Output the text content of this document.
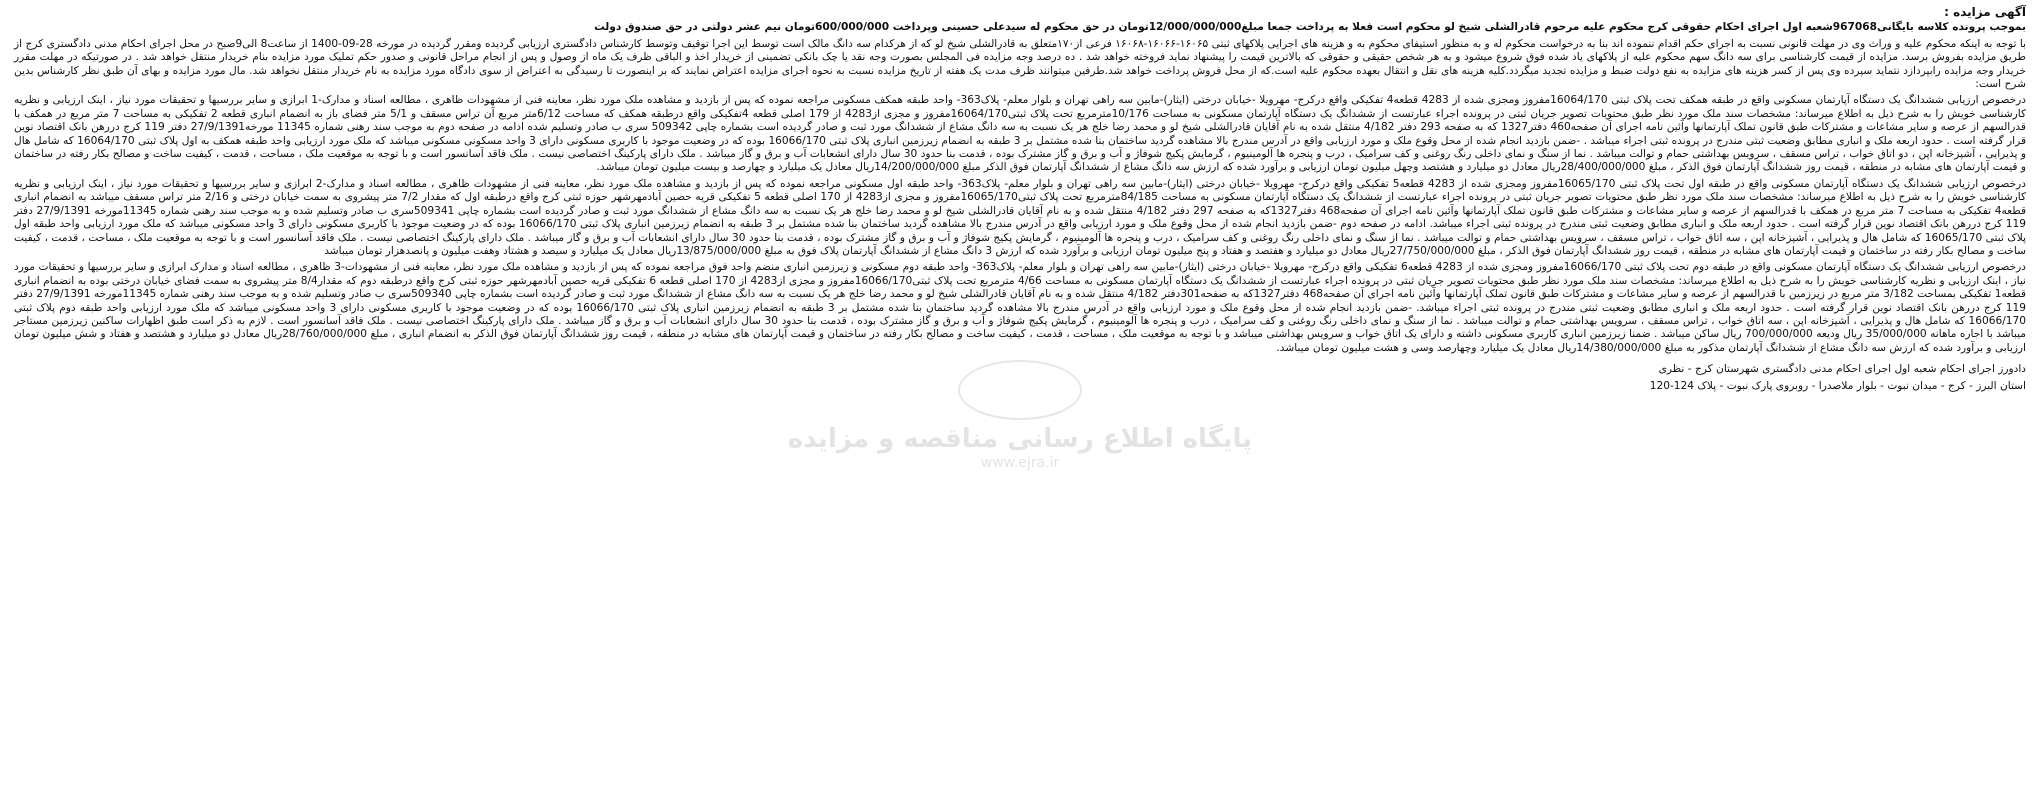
پایگاه اطلاع رسانی مناقصه و مزایده
www.ejra.ir

آگهی مزایده :

بموجب پرونده کلاسه بایگانی967068شعبه اول اجرای احکام حقوقی کرج محکوم علیه مرحوم قادرالشلی شیخ لو محکوم است فعلا به پرداخت جمعا مبلغ12/000/000/000تومان در حق محکوم له سیدعلی حسینی وپرداخت 600/000/000تومان نیم عشر دولتی در حق صندوق دولت

با توجه به اینکه محکوم علیه و وراث وی در مهلت قانونی نسبت به اجرای حکم اقدام ننموده اند بنا به درخواست محکوم له و به منظور استیفای محکوم به و هزینه های اجرایی پلاکهای ثبتی ۱۶۰۶۵-۱۶۰۶۶-۱۶۰۶۸ فرعی از۱۷۰متعلق به قادرالشلی شیخ لو که از هرکدام سه دانگ مالک است توسط این اجرا توقیف وتوسط کارشناس دادگستری ارزیابی گردیده ومقرر گردیده در مورخه 28-09-1400 از ساعت8 الی9صبح در محل اجرای احکام مدنی دادگستری کرج از طریق مزایده بفروش برسد. مزایده از قیمت کارشناسی برای سه دانگ سهم محکوم علیه از پلاکهای یاد شده فوق شروع میشود و به هر شخص حقیقی و حقوقی که بالاترین قیمت را پیشنهاد نماید فروخته خواهد شد . ده درصد وجه مزایده فی المجلس بصورت وجه نقد یا چک بانکی تضمینی از خریدار اخذ و الباقی ظرف یک ماه از وصول و پس از انجام مراحل قانونی و صدور حکم تملیک مورد مزایده بنام خریدار منتقل خواهد شد . در صورتیکه در مهلت مقرر خریدار وجه مزایده رابپردازد نتماید سپرده وی پس از کسر هزینه های مزایده به نفع دولت ضبط و مزایده تجدید میگردد.کلیه هزینه های نقل و انتقال بعهده محکوم علیه است.که از محل فروش پرداخت خواهد شد.طرفین میتوانند ظرف مدت یک هفته از تاریخ مزایده نسبت به نحوه اجرای مزایده اعتراض نمایند که بر اینصورت تا رسیدگی به اعتراض از سوی دادگاه مورد مزایده به نام خریدار منتقل نخواهد شد. مال مورد مزایده و بهای آن طبق نظر کارشناس بدین شرح است:

درخصوص ارزیابی ششدانگ یک دستگاه آپارتمان مسکونی واقع در طبقه همکف تحت پلاک ثبتی 16064/170مفروز ومجزی شده از 4283 قطعه4 تفکیکی واقع درکرج- مهرویلا -خیابان درختی (ایثار)-مابین سه راهی تهران و بلوار معلم- پلاک363- واحد طبقه همکف مسکونی مراجعه نموده که پس از بازدید و مشاهده ملک مورد نظر، معاینه فنی از مشهودات ظاهری ، مطالعه اسناد و مدارک-1 ابرازی و سایر بررسیها و تحقیقات مورد نیاز ، اینک ارزیابی و نظریه کارشناسی خویش را به شرح ذیل به اطلاع میرساند: مشخصات سند ملک مورد نظر طبق محتویات تصویر جریان ثبتی در پرونده اجراء عبارتست از ششدانگ یک دستگاه آپارتمان مسکونی به مساحت 10/176مترمربع تحت پلاک ثبتی16064/170مفروز و مجزی از4283 از 179 اصلی قطعه 4تفکیکی واقع درطبقه همکف که مساحت 6/12متر مربع آن تراس مسقف و 5/1 متر فضای باز به انضمام انباری قطعه 2 تفکیکی به مساحت 7 متر مربع در همکف با قدرالسهم از عرصه و سایر مشاعات و مشترکات طبق قانون تملک آپارتمانها وآئین نامه اجرای آن صفحه460 دفتر1327 که به صفحه 293 دفتر 4/182 منتقل شده به نام آقایان قادرالشلی شیخ لو و محمد رضا خلج هر یک نسبت به سه دانگ مشاع از ششدانگ مورد ثبت و صادر گردیده است بشماره چاپی 509342 سری ب صادر وتسلیم شده ادامه در صفحه دوم به موجب سند رهنی شماره 11345 مورخه27/9/1391 دفتر 119 کرج دررهن بانک اقتصاد نوین قرار گرفته است . حدود اربعه ملک و انباری مطابق وضعیت ثبتی مندرج در پرونده ثبتی اجراء میباشد . -ضمن بازدید انجام شده از محل وقوع ملک و مورد ارزیابی واقع در آدرس مندرج بالا مشاهده گردید ساختمان بنا شده مشتمل بر 3 طبقه به انضمام زیرزمین انباری پلاک ثبتی 16066/170 بوده که در وضعیت موجود با کاربری مسکونی دارای 3 واحد مسکونی مسکونی میباشد که ملک مورد ارزیابی واحد طبقه همکف به اول پلاک ثبتی 16064/170 که شامل هال و پذیرایی ، آشپزخانه اپن ، دو اتاق خواب ، تراس مسقف ، سرویس بهداشتی حمام و توالت میباشد . نما از سنگ و نمای داخلی رنگ روغنی و کف سرامیک ، درب و پنجره ها آلومینیوم ، گرمایش پکیج شوفاژ و آب و برق و گاز مشترک بوده ، قدمت بنا حدود 30 سال دارای انشعابات آب و برق و گاز میباشد . ملک دارای پارکینگ اختصاصی نیست . ملک فاقد آسانسور است و با توجه به موقعیت ملک ، مساحت ، قدمت ، کیفیت ساخت و مصالح بکار رفته در ساختمان و قیمت آپارتمان های مشابه در منطقه ، قیمت روز ششدانگ آپارتمان فوق الذکر ، مبلغ 28/400/000/000ریال معادل دو میلیارد و هشتصد وچهل میلیون تومان ارزیابی و برآورد شده که ارزش سه دانگ مشاع از ششدانگ آپارتمان فوق الذکر مبلغ 14/200/000/000ریال معادل یک میلیارد و چهارصد و بیست میلیون تومان میباشد.

درخصوص ارزیابی ششدانگ یک دستگاه آپارتمان مسکونی واقع در طبقه اول تحت پلاک ثبتی 16065/170مفروز ومجزی شده از 4283 قطعه5 تفکیکی واقع درکرج- مهرویلا -خیابان درختی (ایثار)-مابین سه راهی تهران و بلوار معلم- پلاک363- واحد طبقه اول مسکونی مراجعه نموده که پس از بازدید و مشاهده ملک مورد نظر، معاینه فنی از مشهودات ظاهری ، مطالعه اسناد و مدارک-2 ابرازی و سایر بررسیها و تحقیقات مورد نیاز ، اینک ارزیابی و نظریه کارشناسی خویش را به شرح ذیل به اطلاع میرساند: مشخصات سند ملک مورد نظر طبق محتویات تصویر جریان ثبتی در پرونده اجراء عبارتست از ششدانگ یک دستگاه آپارتمان مسکونی به مساحت 84/185مترمربع تحت پلاک ثبتی16065/170مفروز و مجزی از4283 از 170 اصلی قطعه 5 تفکیکی قریه حصین آبادمهرشهر حوزه ثبتی کرج واقع درطبقه اول که مقدار 7/2 متر پیشروی به سمت خیابان درختی و 2/16 متر تراس مسقف میباشد به انضمام انباری قطعه4 تفکیکی به مساحت 7 متر مربع در همکف با قدرالسهم از عرصه و سایر مشاعات و مشترکات طبق قانون تملک آپارتمانها وآئین نامه اجرای آن صفحه468 دفتر1327که به صفحه 297 دفتر 4/182 منتقل شده و به نام آقایان قادرالشلی شیخ لو و محمد رضا خلج هر یک نسبت به سه دانگ مشاع از ششدانگ مورد ثبت و صادر گردیده است بشماره چاپی 509341سری ب صادر وتسلیم شده و به موجب سند رهنی شماره 11345مورخه 27/9/1391 دفتر 119 کرج دررهن بانک اقتصاد نوین قرار گرفته است . حدود اربعه ملک و انباری مطابق وضعیت ثبتی مندرج در پرونده ثبتی اجراء میباشد. ادامه در صفحه دوم -ضمن بازدید انجام شده از محل وقوع ملک و مورد ارزیابی واقع در آدرس مندرج بالا مشاهده گردید ساختمان بنا شده مشتمل بر 3 طبقه به انضمام زیرزمین انباری پلاک ثبتی 16066/170 بوده که در وضعیت موجود با کاربری مسکونی دارای 3 واحد مسکونی میباشد که ملک مورد ارزیابی واحد طبقه اول پلاک ثبتی 16065/170 که شامل هال و پذیرایی ، آشپزخانه اپن ، سه اتاق خواب ، تراس مسقف ، سرویس بهداشتی حمام و توالت میباشد . نما از سنگ و نمای داخلی رنگ روغنی و کف سرامیک ، درب و پنجره ها آلومینیوم ، گرمایش پکیج شوفاژ و آب و برق و گاز مشترک بوده ، قدمت بنا حدود 30 سال دارای انشعابات آب و برق و گاز میباشد . ملک دارای پارکینگ اختصاصی نیست . ملک فاقد آسانسور است و با توجه به موقعیت ملک ، مساحت ، قدمت ، کیفیت ساخت و مصالح بکار رفته در ساختمان و قیمت آپارتمان های مشابه در منطقه ، قیمت روز ششدانگ آپارتمان فوق الذکر ، مبلغ 27/750/000/000ریال معادل دو میلیارد و هفتصد و هفتاد و پنج میلیون تومان ارزیابی و برآورد شده که ارزش 3 دانگ مشاع از ششدانگ آپارتمان پلاک فوق به مبلغ 13/875/000/000ریال معادل یک میلیارد و سیصد و هشتاد وهفت میلیون و پانصدهزار تومان میباشد

درخصوص ارزیابی ششدانگ یک دستگاه آپارتمان مسکونی واقع در طبقه دوم تحت پلاک ثبتی 16066/170مفروز ومجزی شده از 4283 قطعه6 تفکیکی واقع درکرج- مهرویلا -خیابان درختی (ایثار)-مابین سه راهی تهران و بلوار معلم- پلاک363- واحد طبقه دوم مسکونی و زیرزمین انباری منضم واحد فوق مراجعه نموده که پس از بازدید و مشاهده ملک مورد نظر، معاینه فنی از مشهودات-3 ظاهری ، مطالعه اسناد و مدارک ابرازی و سایر بررسیها و تحقیقات مورد نیاز ، اینک ارزیابی و نظریه کارشناسی خویش را به شرح ذیل به اطلاع میرساند: مشخصات سند ملک مورد نظر طبق محتویات تصویر جریان ثبتی در پرونده اجراء عبارتست از ششدانگ یک دستگاه آپارتمان مسکونی به مساحت 4/66 مترمربع تحت پلاک ثبتی16066/170مفروز و مجزی از4283 از 170 اصلی قطعه 6 تفکیکی قریه حصین آبادمهرشهر حوزه ثبتی کرج واقع درطبقه دوم که مقدار8/4 متر پیشروی به سمت فضای خیابان درختی بوده به انضمام انباری قطعه1 تفکیکی بمساحت 3/182 متر مربع در زیرزمین با قدرالسهم از عرصه و سایر مشاعات و مشترکات طبق قانون تملک آپارتمانها وآئین نامه اجرای آن صفحه468 دفتر1327که به صفحه301دفتر 4/182 منتقل شده و به نام آقایان قادرالشلی شیخ لو و محمد رضا خلج هر یک نسبت به سه دانگ مشاع از ششدانگ مورد ثبت و صادر گردیده است بشماره چاپی 509340سری ب صادر وتسلیم شده و به موجب سند رهنی شماره 11345مورخه 27/9/1391 دفتر 119 کرج دررهن بانک اقتصاد نوین قرار گرفته است . حدود اربعه ملک و انباری مطابق وضعیت ثبتی مندرج در پرونده ثبتی اجراء میباشد. -ضمن بازدید انجام شده از محل وقوع ملک و مورد ارزیابی واقع در آدرس مندرج بالا مشاهده گردید ساختمان بنا شده مشتمل بر 3 طبقه به انضمام زیرزمین انباری پلاک ثبتی 16066/170 بوده که در وضعیت موجود با کاربری مسکونی دارای 3 واحد مسکونی میباشد که ملک مورد ارزیابی واحد طبقه دوم پلاک ثبتی 16066/170 که شامل هال و پذیرایی ، آشپزخانه اپن ، سه اتاق خواب ، تراس مسقف ، سرویس بهداشتی حمام و توالت میباشد . نما از سنگ و نمای داخلی رنگ روغنی و کف سرامیک ، درب و پنجره ها آلومینیوم ، گرمایش پکیج شوفاژ و آب و برق و گاز مشترک بوده ، قدمت بنا حدود 30 سال دارای انشعابات آب و برق و گاز میباشد . ملک دارای پارکینگ اختصاصی نیست . ملک فاقد آسانسور است . لازم به ذکر است طبق اظهارات ساکنین زیرزمین مستاجر میباشد با اجاره ماهانه 35/000/000 ریال ودیعه 700/000/000 ریال ساکن میباشد . ضمنا زیرزمین انباری کاربری مسکونی داشته و دارای یک اتاق خواب و سرویس بهداشتی میباشد و با توجه به موقعیت ملک ، مساحت ، قدمت ، کیفیت ساخت و مصالح بکار رفته در ساختمان و قیمت آپارتمان های مشابه در منطقه ، قیمت روز ششدانگ آپارتمان فوق الذکر به انضمام انباری ، مبلغ 28/760/000/000ریال معادل دو میلیارد و هشتصد و هفتاد و شش میلیون تومان ارزیابی و برآورد شده که ارزش سه دانگ مشاع از ششدانگ آپارتمان مذکور به مبلغ 14/380/000/000ریال معادل یک میلیارد وچهارصد وسی و هشت میلیون تومان میباشد.

دادورز اجرای احکام شعبه اول اجرای احکام مدنی دادگستری شهرستان کرج - نظری

استان البرز - کرج - میدان نبوت - بلوار ملاصدرا - روبروی پارک نبوت - پلاک 124-120
